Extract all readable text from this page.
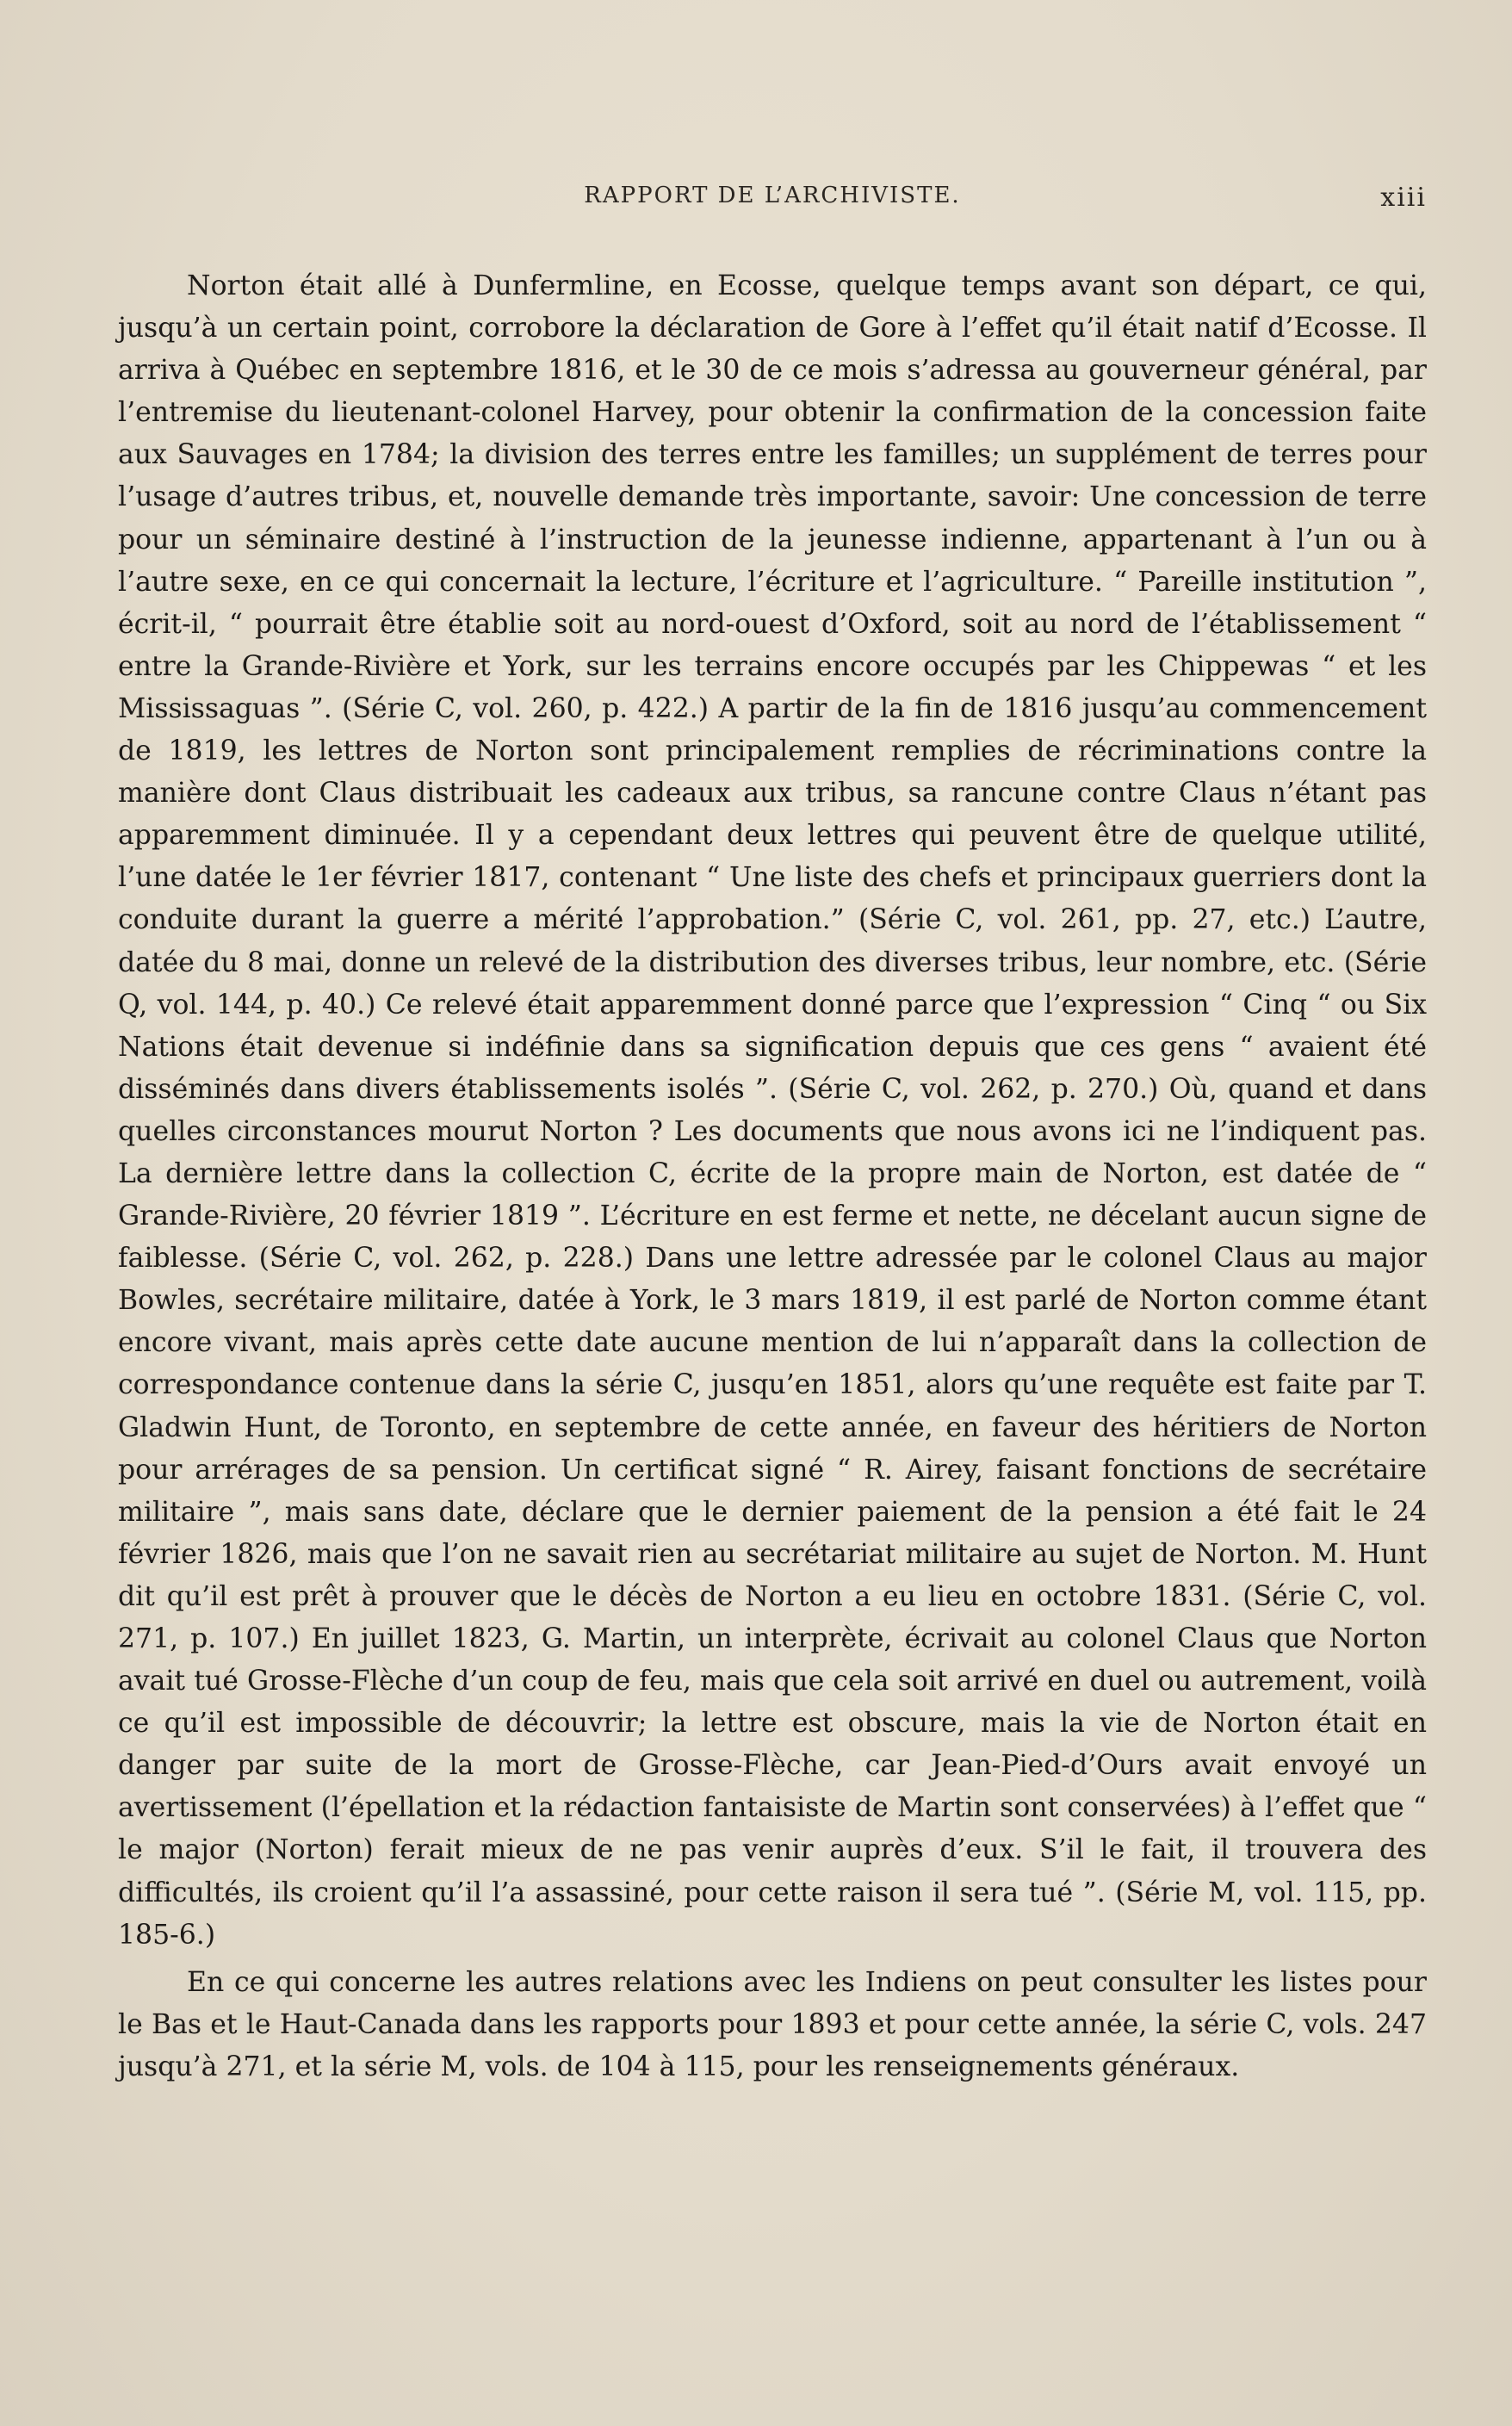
RAPPORT DE L’ARCHIVISTE.	xiii

Norton était allé à Dunfermline, en Ecosse, quelque temps avant son départ, ce qui, jusqu’à un certain point, corrobore la déclaration de Gore à l’effet qu’il était natif d’Ecosse. Il arriva à Québec en septembre 1816, et le 30 de ce mois s’adressa au gouverneur général, par l’entremise du lieutenant-colonel Harvey, pour obtenir la confirmation de la concession faite aux Sauvages en 1784; la division des terres entre les familles; un supplément de terres pour l’usage d’autres tribus, et, nouvelle demande très importante, savoir: Une concession de terre pour un séminaire destiné à l’instruction de la jeunesse indienne, appartenant à l’un ou à l’autre sexe, en ce qui concernait la lecture, l’écriture et l’agriculture. “ Pareille institution ”, écrit-il, “ pourrait être établie soit au nord-ouest d’Oxford, soit au nord de l’établissement “ entre la Grande-Rivière et York, sur les terrains encore occupés par les Chippewas “ et les Mississaguas ”. (Série C, vol. 260, p. 422.) A partir de la fin de 1816 jusqu’au commencement de 1819, les lettres de Norton sont principalement remplies de récriminations contre la manière dont Claus distribuait les cadeaux aux tribus, sa rancune contre Claus n’étant pas apparemment diminuée. Il y a cependant deux lettres qui peuvent être de quelque utilité, l’une datée le 1er février 1817, contenant “ Une liste des chefs et principaux guerriers dont la conduite durant la guerre a mérité l’approbation.” (Série C, vol. 261, pp. 27, etc.) L’autre, datée du 8 mai, donne un relevé de la distribution des diverses tribus, leur nombre, etc. (Série Q, vol. 144, p. 40.) Ce relevé était apparemment donné parce que l’expression “ Cinq “ ou Six Nations était devenue si indéfinie dans sa signification depuis que ces gens “ avaient été disséminés dans divers établissements isolés ”. (Série C, vol. 262, p. 270.) Où, quand et dans quelles circonstances mourut Norton ? Les documents que nous avons ici ne l’indiquent pas. La dernière lettre dans la collection C, écrite de la propre main de Norton, est datée de “ Grande-Rivière, 20 février 1819 ”. L’écriture en est ferme et nette, ne décelant aucun signe de faiblesse. (Série C, vol. 262, p. 228.) Dans une lettre adressée par le colonel Claus au major Bowles, secrétaire militaire, datée à York, le 3 mars 1819, il est parlé de Norton comme étant encore vivant, mais après cette date aucune mention de lui n’apparaît dans la collection de correspondance contenue dans la série C, jusqu’en 1851, alors qu’une requête est faite par T. Gladwin Hunt, de Toronto, en septembre de cette année, en faveur des héritiers de Norton pour arrérages de sa pension. Un certificat signé “ R. Airey, faisant fonctions de secrétaire militaire ”, mais sans date, déclare que le dernier paiement de la pension a été fait le 24 février 1826, mais que l’on ne savait rien au secrétariat militaire au sujet de Norton. M. Hunt dit qu’il est prêt à prouver que le décès de Norton a eu lieu en octobre 1831. (Série C, vol. 271, p. 107.) En juillet 1823, G. Martin, un interprète, écrivait au colonel Claus que Norton avait tué Grosse-Flèche d’un coup de feu, mais que cela soit arrivé en duel ou autrement, voilà ce qu’il est impossible de découvrir; la lettre est obscure, mais la vie de Norton était en danger par suite de la mort de Grosse-Flèche, car Jean-Pied-d’Ours avait envoyé un avertissement (l’épellation et la rédaction fantaisiste de Martin sont conservées) à l’effet que “ le major (Norton) ferait mieux de ne pas venir auprès d’eux. S’il le fait, il trouvera des difficultés, ils croient qu’il l’a assassiné, pour cette raison il sera tué ”. (Série M, vol. 115, pp. 185-6.)

En ce qui concerne les autres relations avec les Indiens on peut consulter les listes pour le Bas et le Haut-Canada dans les rapports pour 1893 et pour cette année, la série C, vols. 247 jusqu’à 271, et la série M, vols. de 104 à 115, pour les renseignements généraux.
